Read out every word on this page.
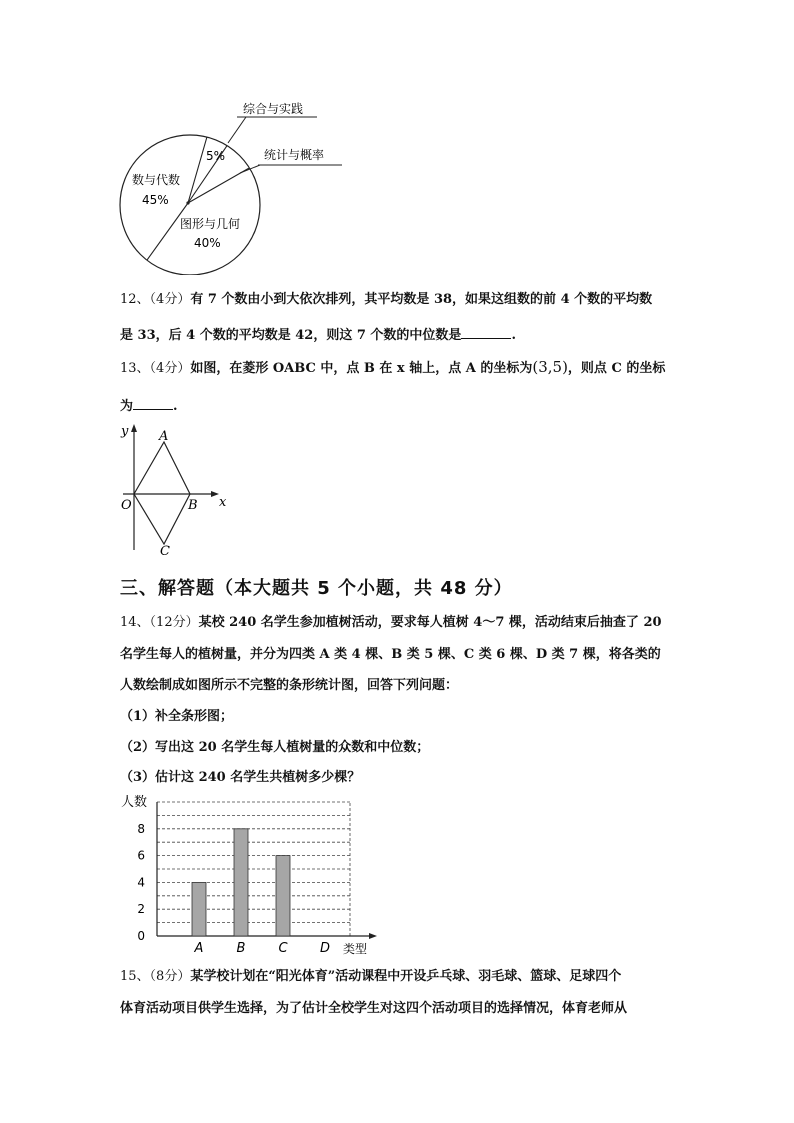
综合与实践
统计与概率
5%
数与代数
45%
图形与几何
40%
12、（4分）有 7 个数由小到大依次排列，其平均数是 38，如果这组数的前 4 个数的平均数
是 33，后 4 个数的平均数是 42，则这 7 个数的中位数是	.
13、（4分）如图，在菱形 OABC 中，点 B 在 x 轴上，点 A 的坐标为(3,5)，则点 C 的坐标
为	.
y
x
O
A
B
C
三、解答题（本大题共 5 个小题，共 48 分）
14、（12分）某校 240 名学生参加植树活动，要求每人植树 4～7 棵，活动结束后抽查了 20
名学生每人的植树量，并分为四类 A 类 4 棵、B 类 5 棵、C 类 6 棵、D 类 7 棵，将各类的
人数绘制成如图所示不完整的条形统计图，回答下列问题：
（1）补全条形图；
（2）写出这 20 名学生每人植树量的众数和中位数；
（3）估计这 240 名学生共植树多少棵？
0
2
4
6
8
A	B	C D
人数
类型
15、（8分）某学校计划在“阳光体育”活动课程中开设乒乓球、羽毛球、篮球、足球四个
体育活动项目供学生选择，为了估计全校学生对这四个活动项目的选择情况，体育老师从
